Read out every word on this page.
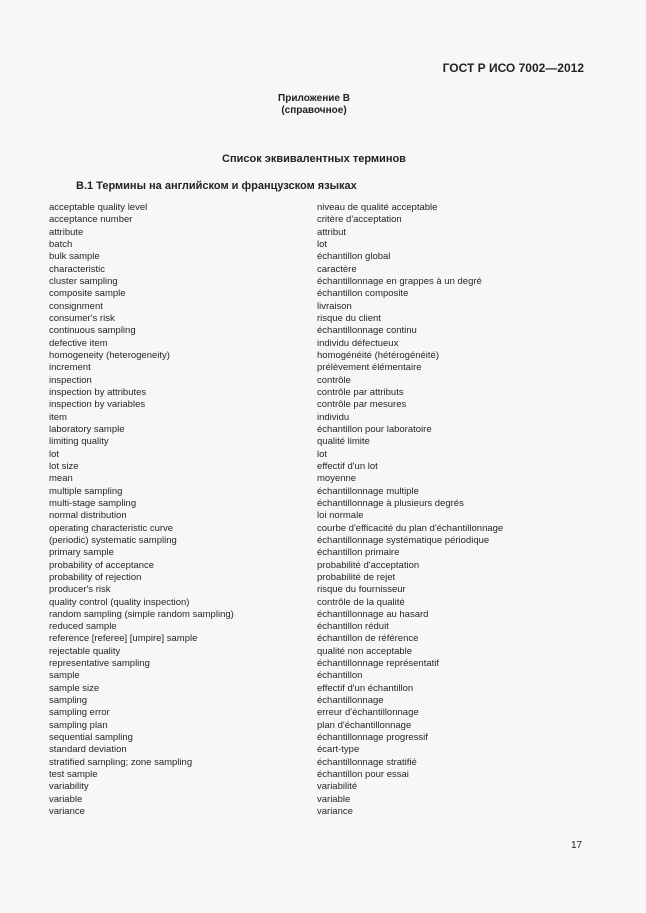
ГОСТ Р ИСО 7002—2012
Приложение В
(справочное)
Список эквивалентных терминов
В.1 Термины на английском и французском языках
acceptable quality level	niveau de qualité acceptable
acceptance number	critère d'acceptation
attribute	attribut
batch	lot
bulk sample	échantillon global
characteristic	caractère
cluster sampling	échantillonnage en grappes à un degré
composite sample	échantillon composite
consignment	livraison
consumer's risk	risque du client
continuous sampling	échantillonnage continu
defective item	individu défectueux
homogeneity (heterogeneity)	homogénéité (hétérogénéité)
increment	prélèvement élémentaire
inspection	contrôle
inspection by attributes	contrôle par attributs
inspection by variables	contrôle par mesures
item	individu
laboratory sample	échantillon pour laboratoire
limiting quality	qualité limite
lot	lot
lot size	effectif d'un lot
mean	moyenne
multiple sampling	échantillonnage multiple
multi-stage sampling	échantillonnage à plusieurs degrés
normal distribution	loi normale
operating characteristic curve	courbe d'efficacité du plan d'échantillonnage
(periodic) systematic sampling	échantillonnage systématique périodique
primary sample	échantillon primaire
probability of acceptance	probabilité d'acceptation
probability of rejection	probabilité de rejet
producer's risk	risque du fournisseur
quality control (quality inspection)	contrôle de la qualité
random sampling (simple random sampling)	échantillonnage au hasard
reduced sample	échantillon réduit
reference [referee] [umpire] sample	échantillon de référence
rejectable quality	qualité non acceptable
representative sampling	échantillonnage représentatif
sample	échantillon
sample size	effectif d'un échantillon
sampling	échantillonnage
sampling error	erreur d'échantillonnage
sampling plan	plan d'échantillonnage
sequential sampling	échantillonnage progressif
standard deviation	écart-type
stratified sampling; zone sampling	échantillonnage stratifié
test sample	échantillon pour essai
variability	variabilité
variable	variable
variance	variance
17
